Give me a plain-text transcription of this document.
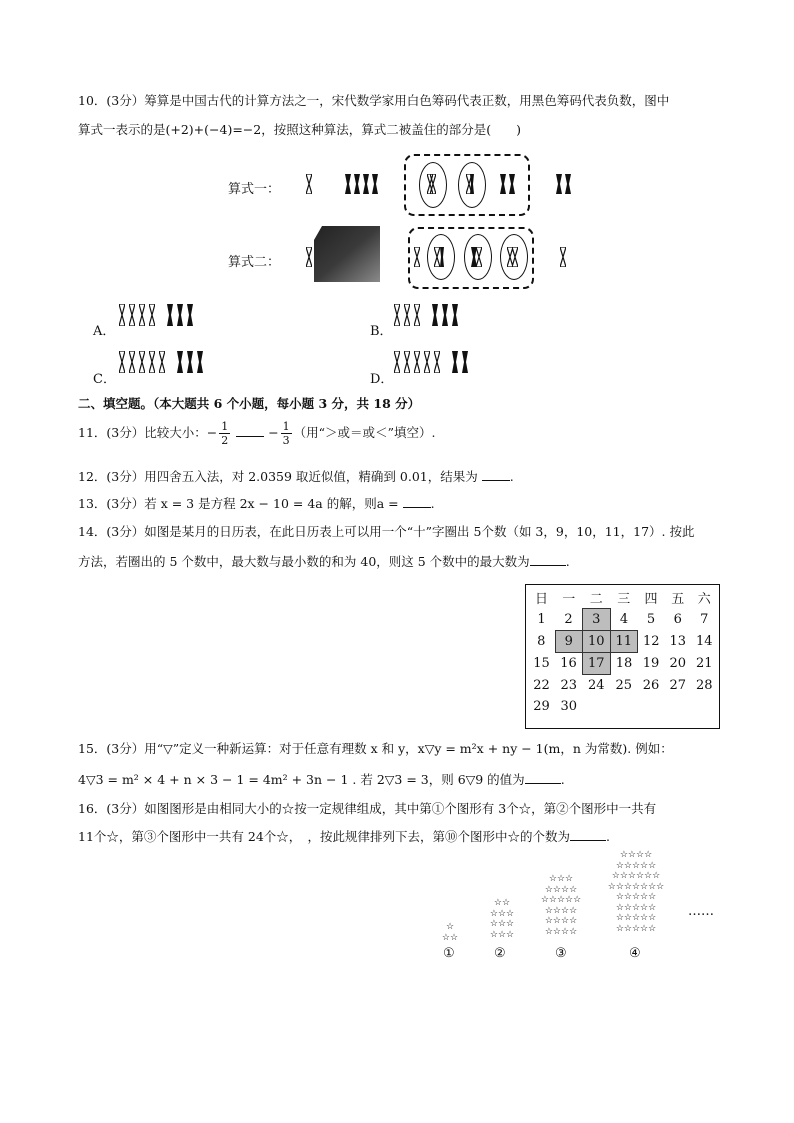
10．(3分）筹算是中国古代的计算方法之一，宋代数学家用白色筹码代表正数，用黑色筹码代表负数，图中
算式一表示的是(+2)+(−4)=−2，按照这种算法，算式二被盖住的部分是(　　)
算式一：
算式二：
A．	B．
C．	D．
二、填空题。（本大题共 6 个小题，每小题 3 分，共 18 分）
11．(3分）比较大小：− $\frac{1}{2}$	− $\frac{1}{3}$ （用“＞或＝或＜”填空）.
12．(3分）用四舍五入法，对 2.0359 取近似值，精确到 0.01，结果为	.
13．(3分）若 x = 3 是方程 2x − 10 = 4a 的解，则a =	.
14．(3分）如图是某月的日历表，在此日历表上可以用一个“十”字圈出 5个数（如 3，9，10，11，17）. 按此
方法，若圈出的 5 个数中，最大数与最小数的和为 40，则这 5 个数中的最大数为	.
日	一	二	三	四	五	六
1	2	3	4	5	6	7
8	9	10	11	12	13	14
15	16	17	18	19	20	21
22	23	24	25	26	27	28
29	30					
15．(3分）用“▽”定义一种新运算：对于任意有理数 x 和 y，x▽y = m²x + ny − 1(m，n 为常数). 例如：
4▽3 = m² × 4 + n × 3 − 1 = 4m² + 3n − 1 . 若 2▽3 = 3，则 6▽9 的值为	.
16．(3分）如图图形是由相同大小的☆按一定规律组成，其中第①个图形有 3个☆，第②个图形中一共有
11个☆，第③个图形中一共有 24个☆，　，按此规律排列下去，第⑩个图形中☆的个数为	.
☆
☆☆
☆☆
☆☆☆
☆☆☆
☆☆☆
☆☆☆
☆☆☆☆
☆☆☆☆☆
☆☆☆☆
☆☆☆☆
☆☆☆☆
☆☆☆☆
☆☆☆☆☆
☆☆☆☆☆☆
☆☆☆☆☆☆☆
☆☆☆☆☆
☆☆☆☆☆
☆☆☆☆☆
☆☆☆☆☆
……
①	②	③	④
